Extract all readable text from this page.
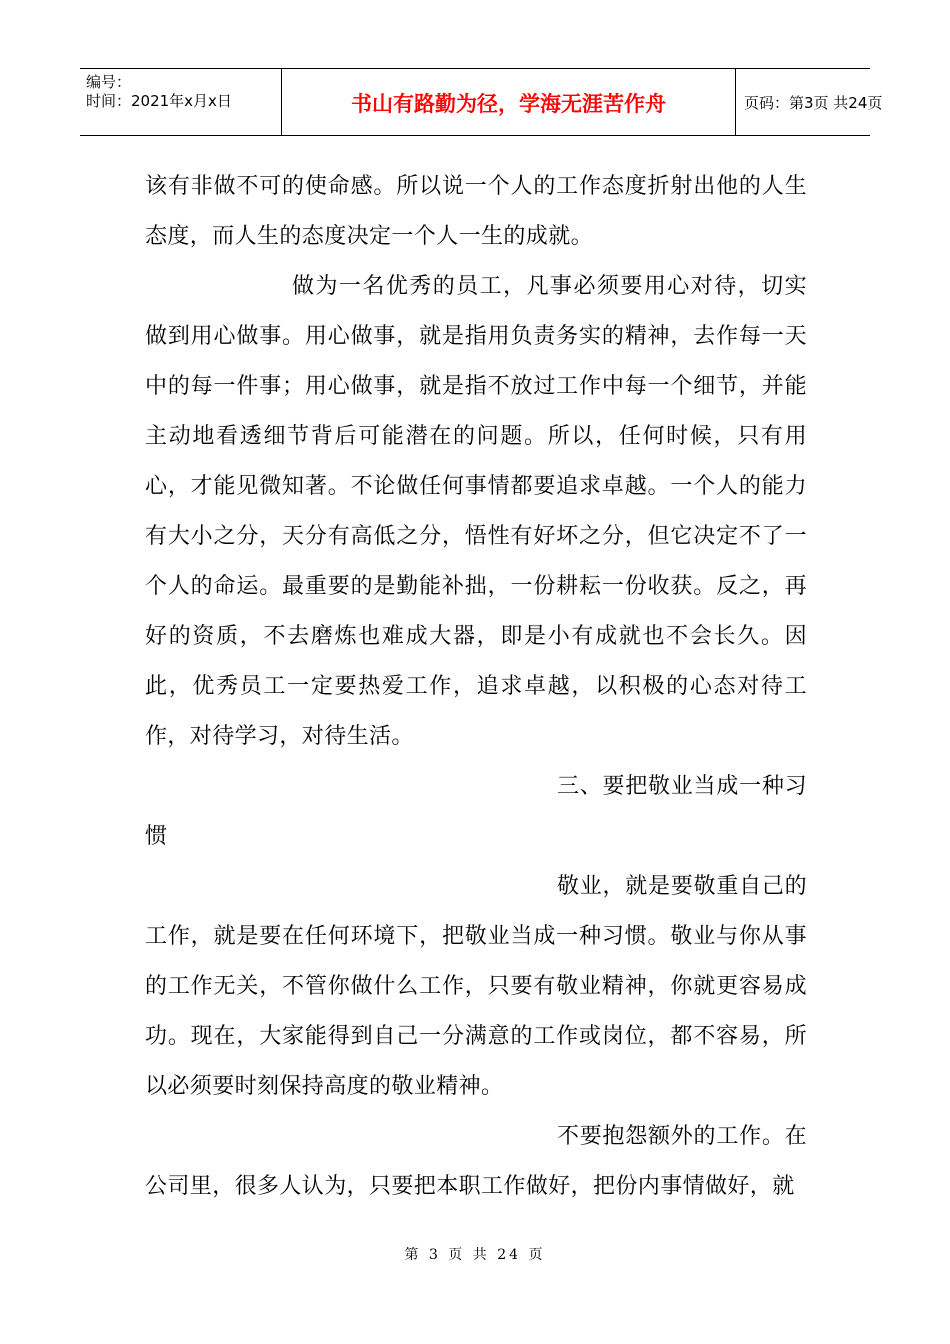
编号：
时间：2021年x月x日	书山有路勤为径，学海无涯苦作舟	页码：第3页 共24页

该有非做不可的使命感。所以说一个人的工作态度折射出他的人生态度，而人生的态度决定一个人一生的成就。

做为一名优秀的员工，凡事必须要用心对待，切实做到用心做事。用心做事，就是指用负责务实的精神，去作每一天中的每一件事；用心做事，就是指不放过工作中每一个细节，并能主动地看透细节背后可能潜在的问题。所以，任何时候，只有用心，才能见微知著。不论做任何事情都要追求卓越。一个人的能力有大小之分，天分有高低之分，悟性有好坏之分，但它决定不了一个人的命运。最重要的是勤能补拙，一份耕耘一份收获。反之，再好的资质，不去磨炼也难成大器，即是小有成就也不会长久。因此，优秀员工一定要热爱工作，追求卓越，以积极的心态对待工作，对待学习，对待生活。

三、要把敬业当成一种习惯

敬业，就是要敬重自己的工作，就是要在任何环境下，把敬业当成一种习惯。敬业与你从事的工作无关，不管你做什么工作，只要有敬业精神，你就更容易成功。现在，大家能得到自己一分满意的工作或岗位，都不容易，所以必须要时刻保持高度的敬业精神。

不要抱怨额外的工作。在公司里，很多人认为，只要把本职工作做好，把份内事情做好，就

第 3 页 共 24 页
